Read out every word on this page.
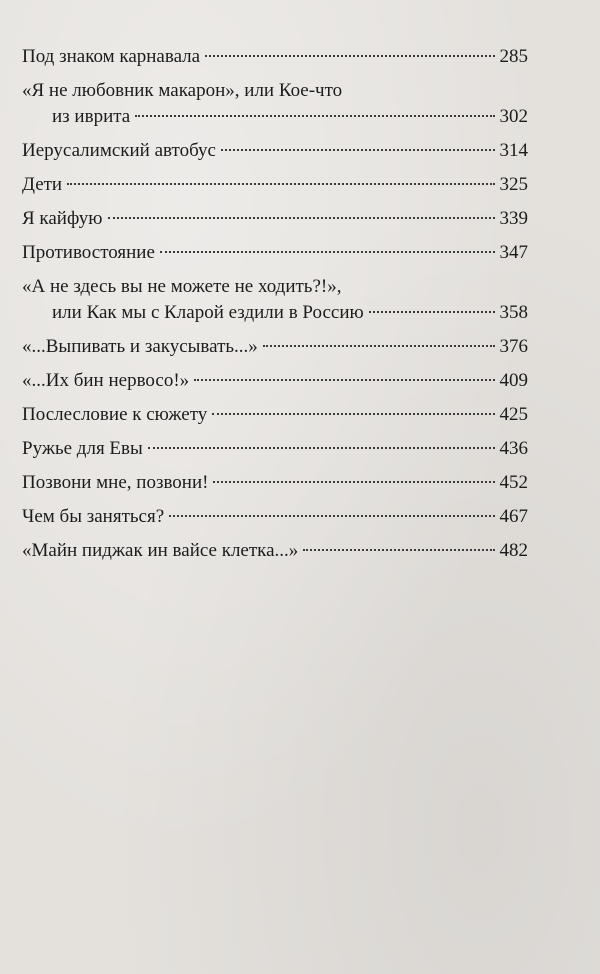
Под знаком карнавала	285
«Я не любовник макарон», или Кое-что
из иврита	302
Иерусалимский автобус	314
Дети	325
Я кайфую	339
Противостояние	347
«А не здесь вы не можете не ходить?!»,
или Как мы с Кларой ездили в Россию	358
«...Выпивать и закусывать...»	376
«...Их бин нервосо!»	409
Послесловие к сюжету	425
Ружье для Евы	436
Позвони мне, позвони!	452
Чем бы заняться?	467
«Майн пиджак ин вайсе клетка...»	482
